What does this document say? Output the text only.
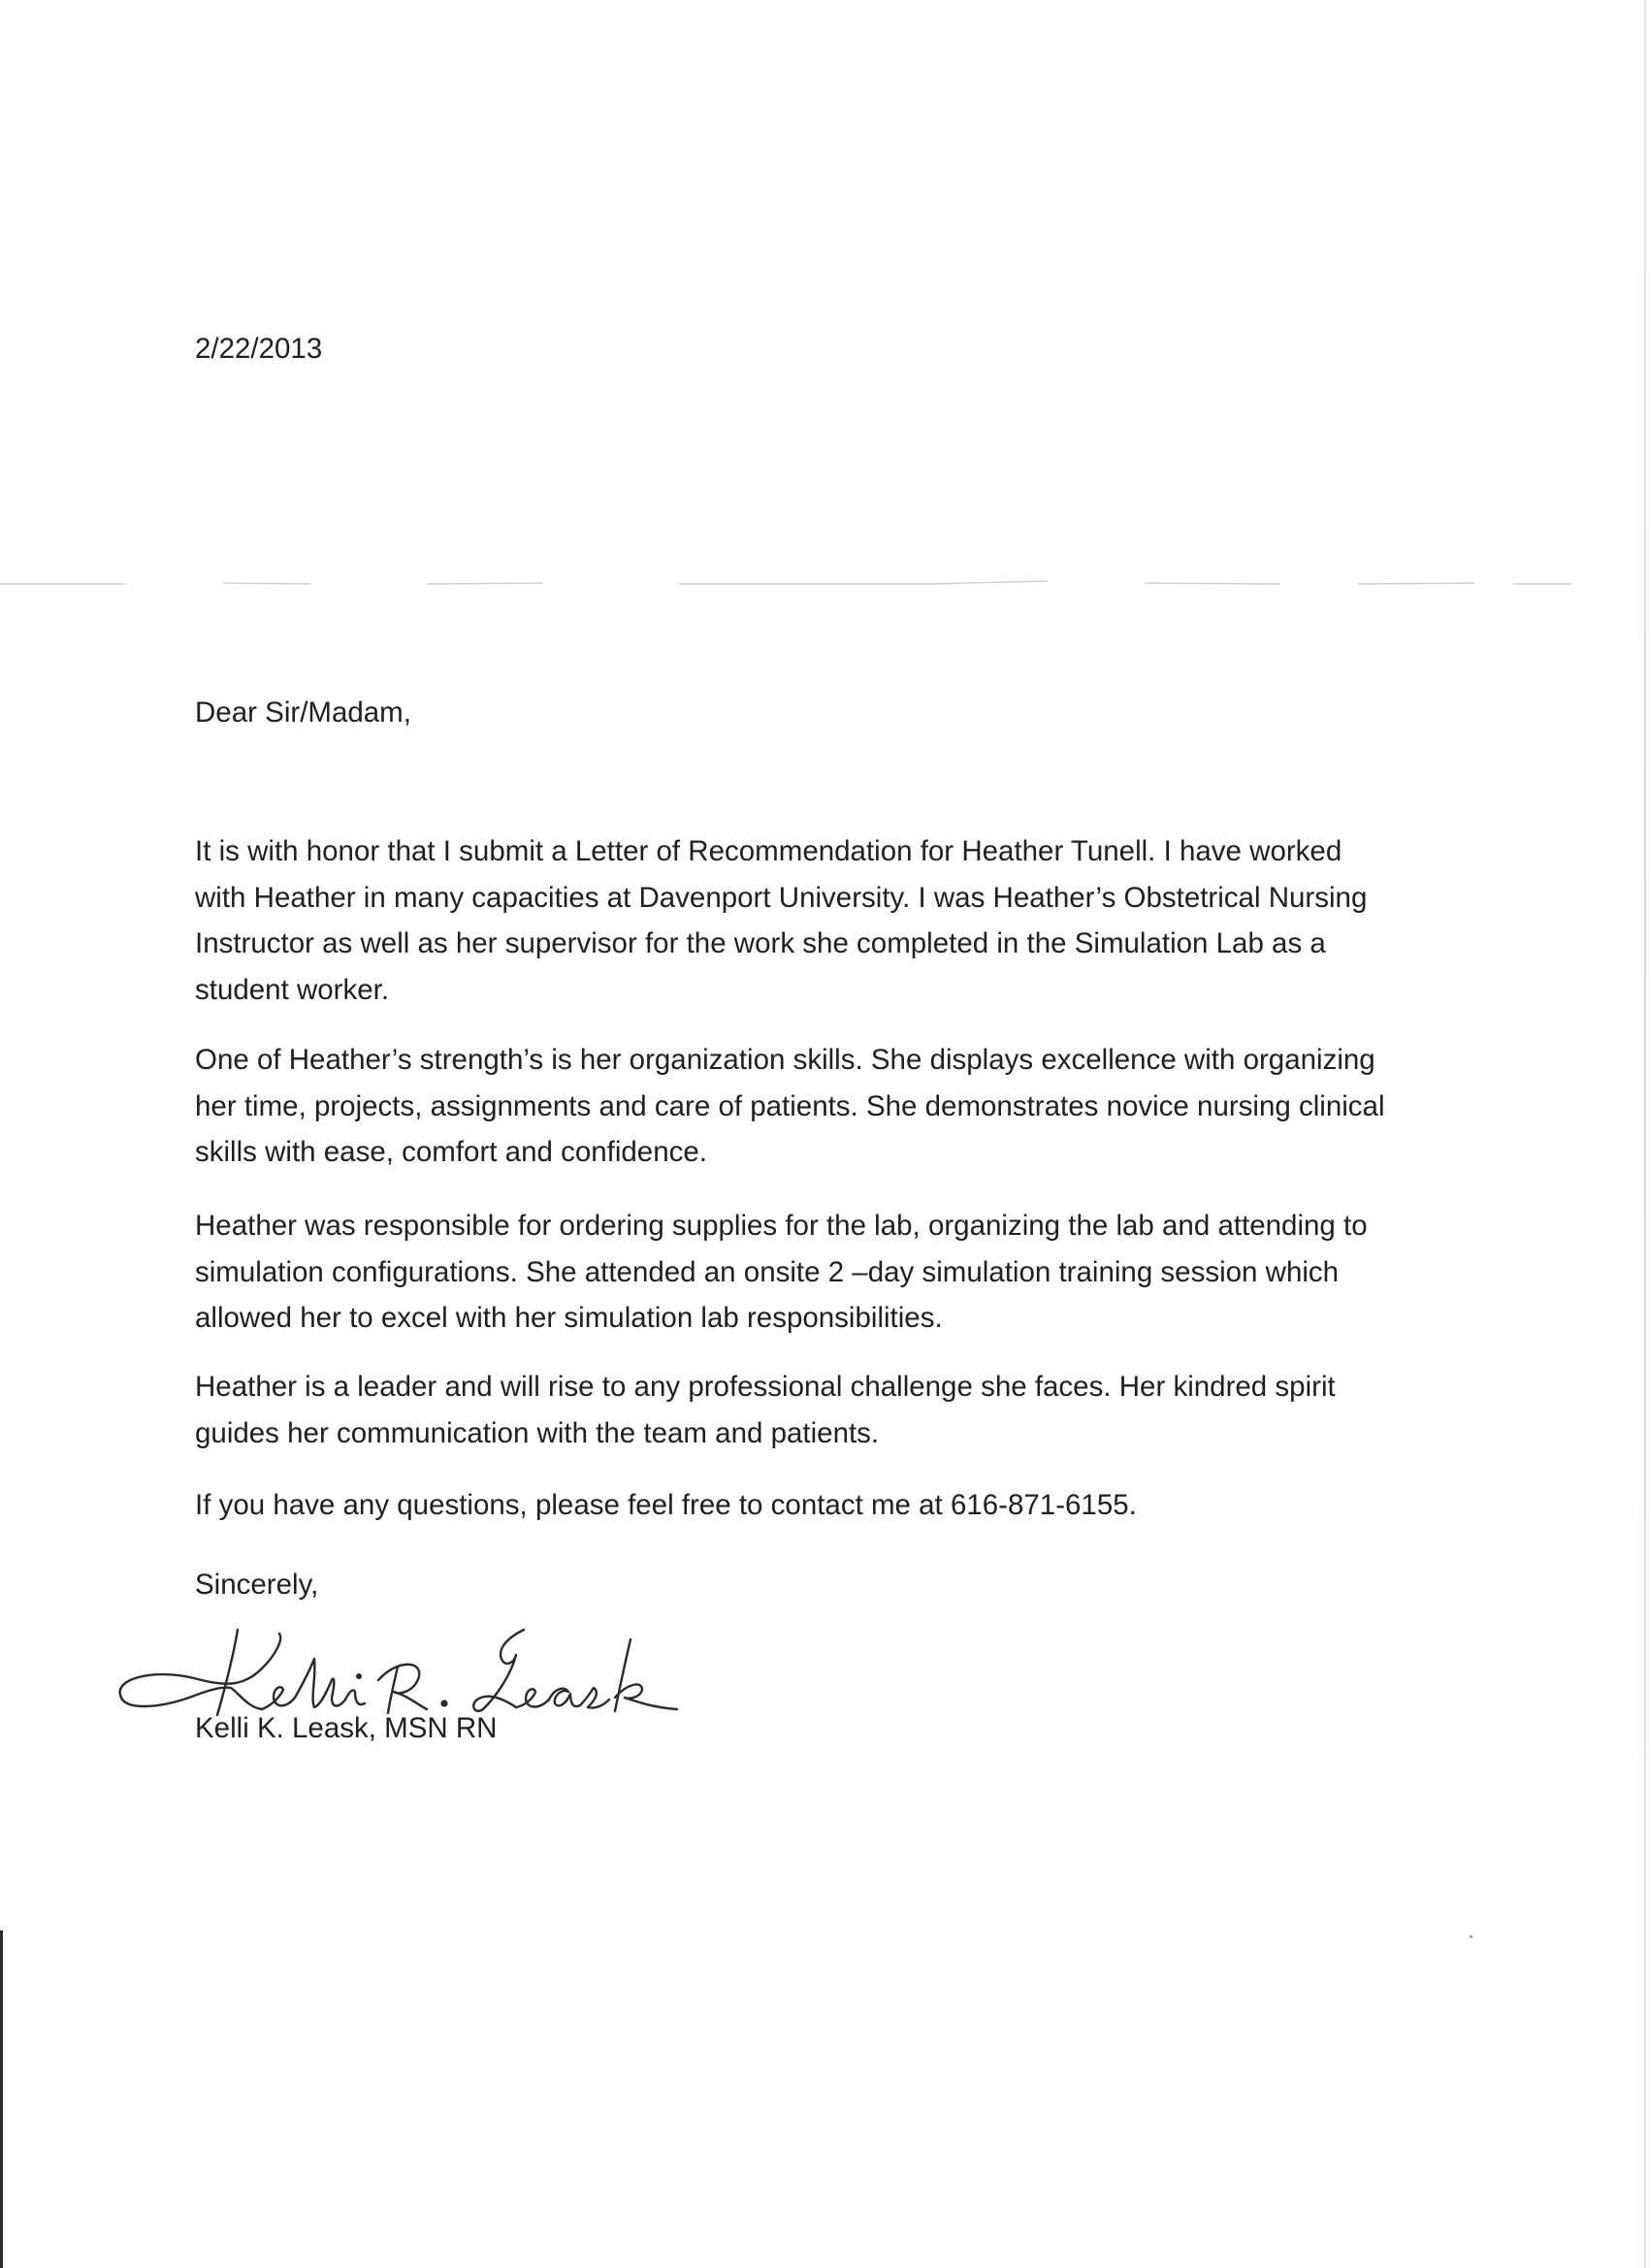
2/22/2013
Dear Sir/Madam,
It is with honor that I submit a Letter of Recommendation for Heather Tunell. I have worked
with Heather in many capacities at Davenport University. I was Heather’s Obstetrical Nursing
Instructor as well as her supervisor for the work she completed in the Simulation Lab as a
student worker.
One of Heather’s strength’s is her organization skills. She displays excellence with organizing
her time, projects, assignments and care of patients. She demonstrates novice nursing clinical
skills with ease, comfort and confidence.
Heather was responsible for ordering supplies for the lab, organizing the lab and attending to
simulation configurations. She attended an onsite 2 –day simulation training session which
allowed her to excel with her simulation lab responsibilities.
Heather is a leader and will rise to any professional challenge she faces. Her kindred spirit
guides her communication with the team and patients.
If you have any questions, please feel free to contact me at 616-871-6155.
Sincerely,
Kelli K. Leask, MSN RN
